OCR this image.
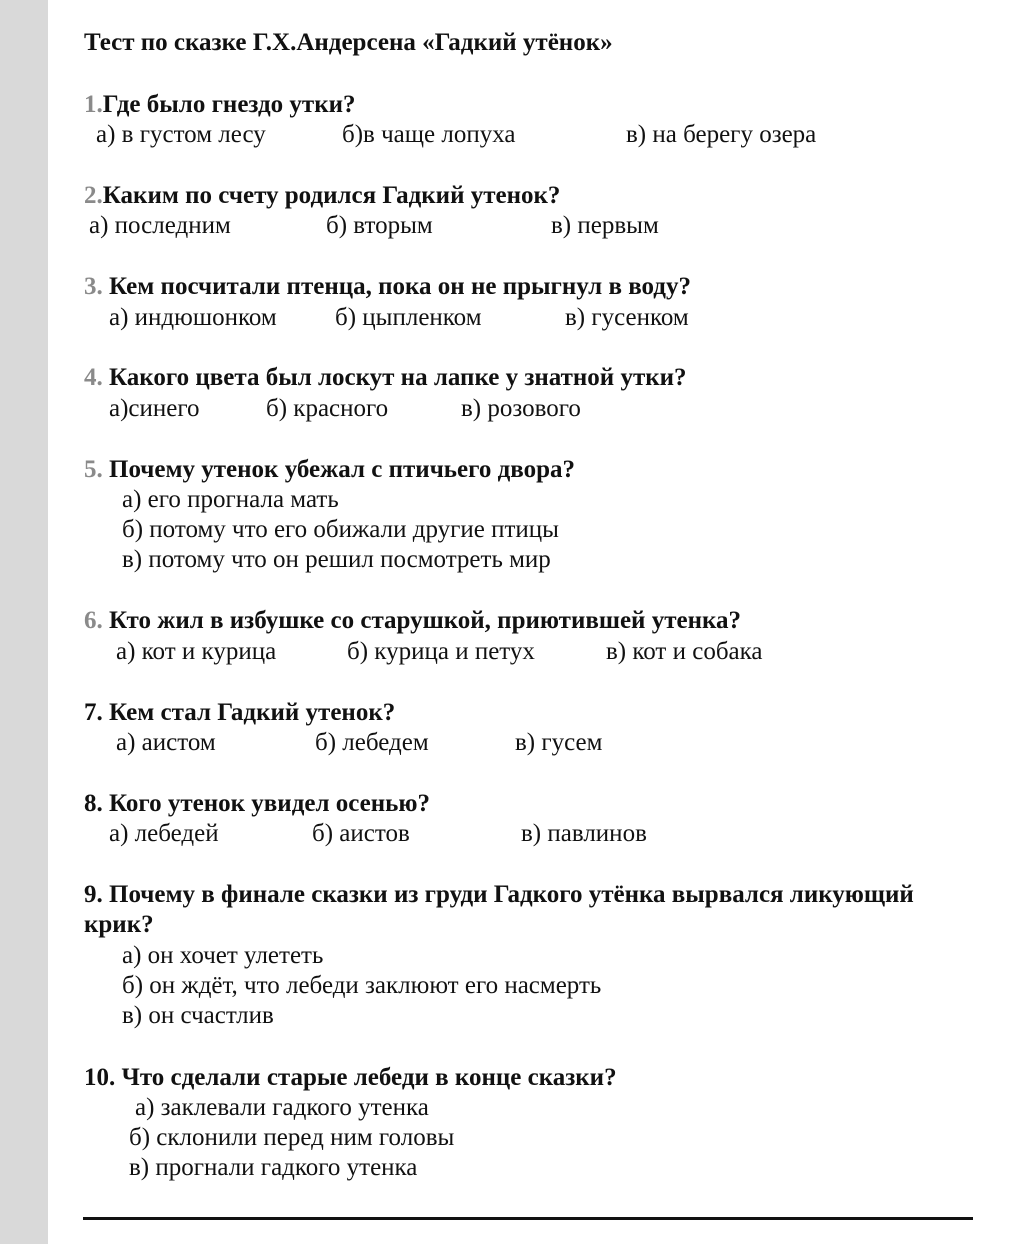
Тест по сказке Г.Х.Андерсена «Гадкий утёнок»
1.Где было гнездо утки?
а) в густом лесу	б)в чаще лопуха	в) на берегу озера
2.Каким по счету родился Гадкий утенок?
а) последним	б) вторым	в) первым
3. Кем посчитали птенца, пока он не прыгнул в воду?
а) индюшонком б) цыпленком	в) гусенком
4. Какого цвета был лоскут на лапке у знатной утки?
а)синего	б) красного	в) розового
5. Почему утенок убежал с птичьего двора?
а) его прогнала мать
б) потому что его обижали другие птицы
в) потому что он решил посмотреть мир
6. Кто жил в избушке со старушкой, приютившей утенка?
а) кот и курица	б) курица и петух	в) кот и собака
7. Кем стал Гадкий утенок?
а) аистом	б) лебедем	в) гусем
8. Кого утенок увидел осенью?
а) лебедей	б) аистов	в) павлинов
9. Почему в финале сказки из груди Гадкого утёнка вырвался ликующий крик?
а) он хочет улететь
б) он ждёт, что лебеди заклюют его насмерть
в) он счастлив
10. Что сделали старые лебеди в конце сказки?
а) заклевали гадкого утенка
б) склонили перед ним головы
в) прогнали гадкого утенка
